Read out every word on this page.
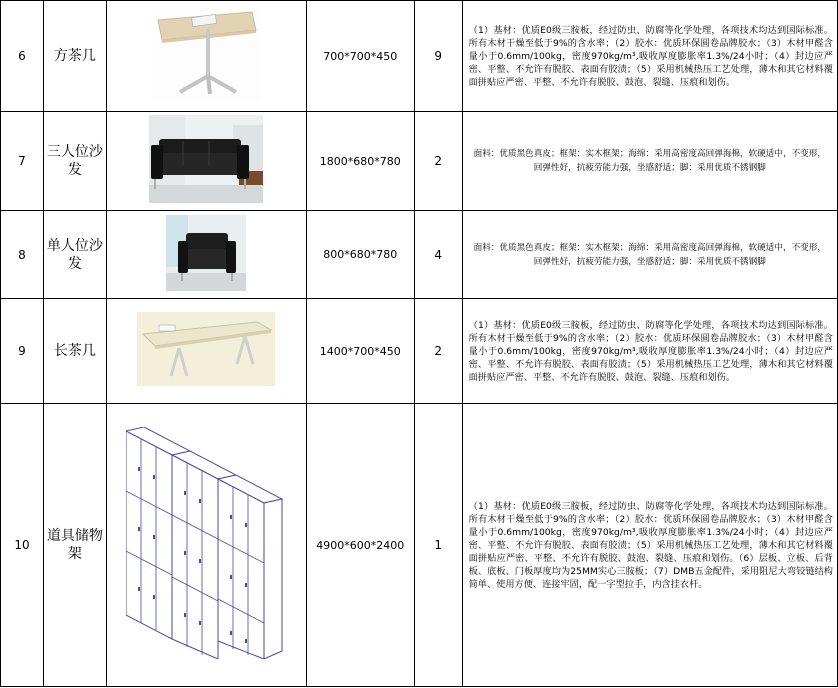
6	方茶几		700*700*450	9	（1）基材：优质E0级三胺板，经过防虫、防腐等化学处理，各项技术均达到国际标准。所有木材干燥至低于9%的含水率；（2）胶水：优质环保圆卷品牌胶水；（3）木材甲醛含量小于0.6mm/100kg，密度970kg/m³,吸收厚度膨胀率1.3%/24小时；（4）封边应严密、平整、不允许有脱胶、表面有胶渍；（5）采用机械热压工艺处理，薄木和其它材料覆面拼贴应严密、平整、不允许有脱胶、鼓泡、裂缝、压痕和划伤。
7	三人位沙发		1800*680*780	2	面料：优质黑色真皮；框架：实木框架；海绵：采用高密度高回弹海棉，软硬适中，不变形，回弹性好，抗疲劳能力强，坐感舒适；脚：采用优质不锈钢脚
8	单人位沙发		800*680*780	4	面料：优质黑色真皮；框架：实木框架；海绵：采用高密度高回弹海棉，软硬适中，不变形，回弹性好，抗疲劳能力强，坐感舒适；脚：采用优质不锈钢脚
9	长茶几		1400*700*450	2	（1）基材：优质E0级三胺板，经过防虫、防腐等化学处理，各项技术均达到国际标准。所有木材干燥至低于9%的含水率；（2）胶水：优质环保圆卷品牌胶水；（3）木材甲醛含量小于0.6mm/100kg，密度970kg/m³,吸收厚度膨胀率1.3%/24小时；（4）封边应严密、平整、不允许有脱胶、表面有胶渍；（5）采用机械热压工艺处理，薄木和其它材料覆面拼贴应严密、平整、不允许有脱胶、鼓泡、裂缝、压痕和划伤。
10	道具储物架		4900*600*2400	1	（1）基材：优质E0级三胺板，经过防虫、防腐等化学处理，各项技术均达到国际标准。所有木材干燥至低于9%的含水率；（2）胶水：优质环保圆卷品牌胶水；（3）木材甲醛含量小于0.6mm/100kg，密度970kg/m³,吸收厚度膨胀率1.3%/24小时；（4）封边应严密、平整、不允许有脱胶、表面有胶渍；（5）采用机械热压工艺处理，薄木和其它材料覆面拼贴应严密、平整、不允许有脱胶、鼓泡、裂缝、压痕和划伤。（6）层板、立板、后背板、底板、门板厚度均为25MM实心三胺板；（7）DMB五金配件，采用阻尼大弯铰链结构简单、使用方便、连接牢固，配一字型拉手，内含挂衣杆。
